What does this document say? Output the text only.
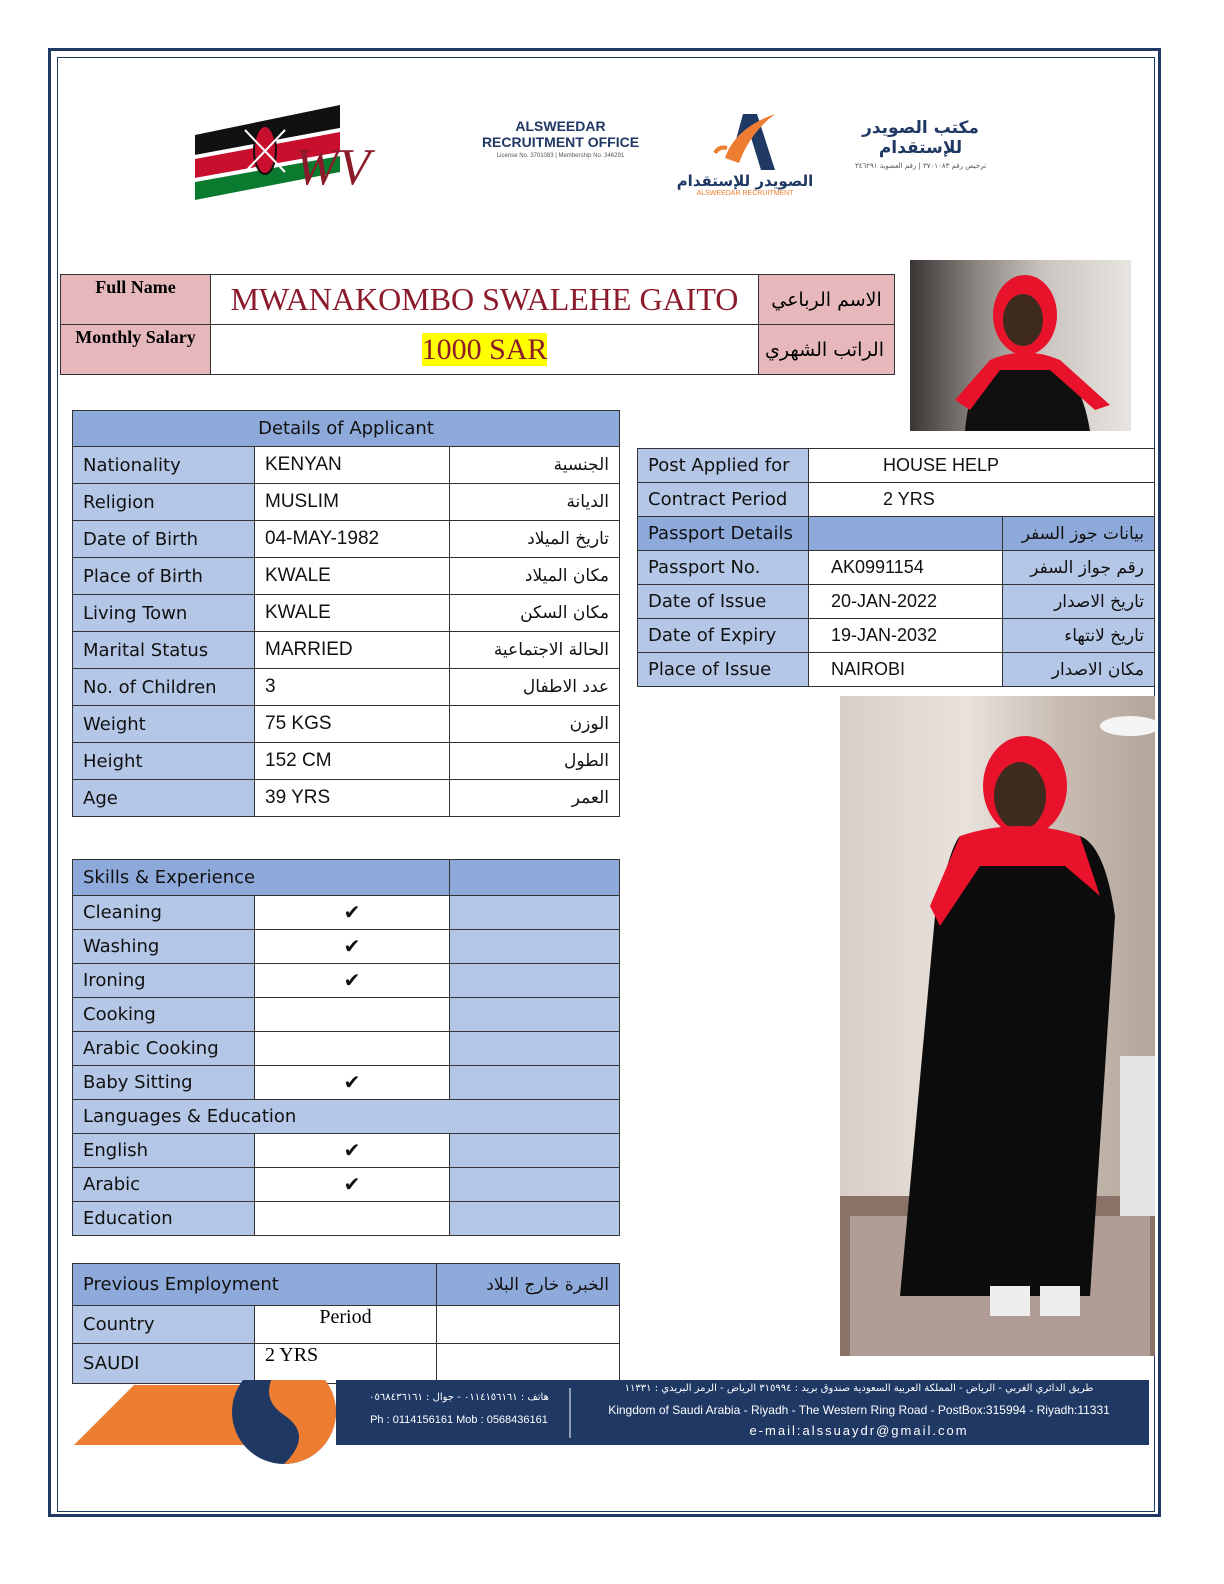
WV
ALSWEEDAR
RECRUITMENT OFFICE
License No. 3701083 | Membership No. 346291
الصويدر للإستقدام
ALSWEEDAR RECRUITMENT
مكتب الصويدر للإستقدام
ترخيص رقم ٣٧٠١٠٨٣ | رقم العضوية ٣٤٦٢٩١
Full Name	MWANAKOMBO SWALEHE GAITO	الاسم الرباعي
Monthly Salary	1000 SAR	الراتب الشهري
Details of Applicant		
Nationality	KENYAN	الجنسية
Religion	MUSLIM	الديانة
Date of Birth	04-MAY-1982	تاريخ الميلاد
Place of Birth	KWALE	مكان الميلاد
Living Town	KWALE	مكان السكن
Marital Status	MARRIED	الحالة الاجتماعية
No. of Children	3	عدد الاطفال
Weight	75 KGS	الوزن
Height	152 CM	الطول
Age	39 YRS	العمر
Post Applied for	HOUSE HELP	
Contract Period	2 YRS	
Passport Details		بيانات جوز السفر
Passport No.	AK0991154	رقم جواز السفر
Date of Issue	20-JAN-2022	تاريخ الاصدار
Date of Expiry	19-JAN-2032	تاريخ لانتهاء
Place of Issue	NAIROBI	مكان الاصدار
Skills & Experience		
Cleaning	✔	
Washing	✔	
Ironing	✔	
Cooking		
Arabic Cooking		
Baby Sitting	✔	
Languages & Education		
English	✔	
Arabic	✔	
Education		
Previous Employment		الخبرة خارج البلاد
Country	Period	
SAUDI	2 YRS	
هاتف : ٠١١٤١٥٦١٦١ - جوال : ٠٥٦٨٤٣٦١٦١
Ph : 0114156161 Mob : 0568436161
طريق الدائري الغربي - الرياض - المملكة العربية السعودية صندوق بريد : ٣١٥٩٩٤ الرياض - الرمز البريدي : ١١٣٣١
Kingdom of Saudi Arabia - Riyadh - The Western Ring Road - PostBox:315994 - Riyadh:11331
e-mail:alssuaydr@gmail.com
